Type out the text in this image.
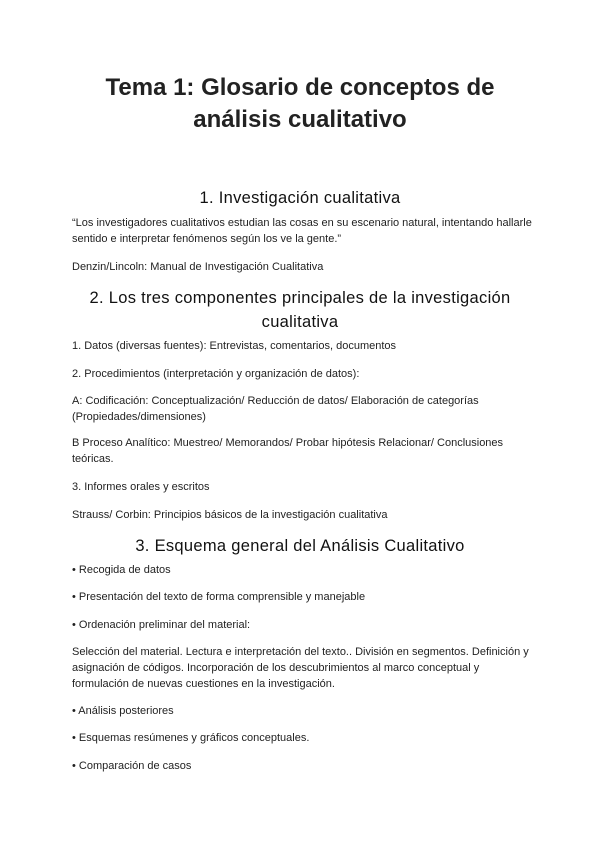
Tema 1: Glosario de conceptos de análisis cualitativo
1. Investigación cualitativa

“Los investigadores cualitativos estudian las cosas en su escenario natural, intentando hallarle sentido e interpretar fenómenos según los ve la gente.”

Denzin/Lincoln: Manual de Investigación Cualitativa

2. Los tres componentes principales de la investigación cualitativa

1. Datos (diversas fuentes): Entrevistas, comentarios, documentos

2. Procedimientos (interpretación y organización de datos):

A: Codificación: Conceptualización/ Reducción de datos/ Elaboración de categorías (Propiedades/dimensiones)

B Proceso Analítico: Muestreo/ Memorandos/ Probar hipótesis Relacionar/ Conclusiones teóricas.

3. Informes orales y escritos

Strauss/ Corbin: Principios básicos de la investigación cualitativa

3. Esquema general del Análisis Cualitativo

• Recogida de datos

• Presentación del texto de forma comprensible y manejable

• Ordenación preliminar del material:

Selección del material. Lectura e interpretación del texto.. División en segmentos. Definición y asignación de códigos. Incorporación de los descubrimientos al marco conceptual y formulación de nuevas cuestiones en la investigación.

• Análisis posteriores

• Esquemas resúmenes y gráficos conceptuales.

• Comparación de casos
